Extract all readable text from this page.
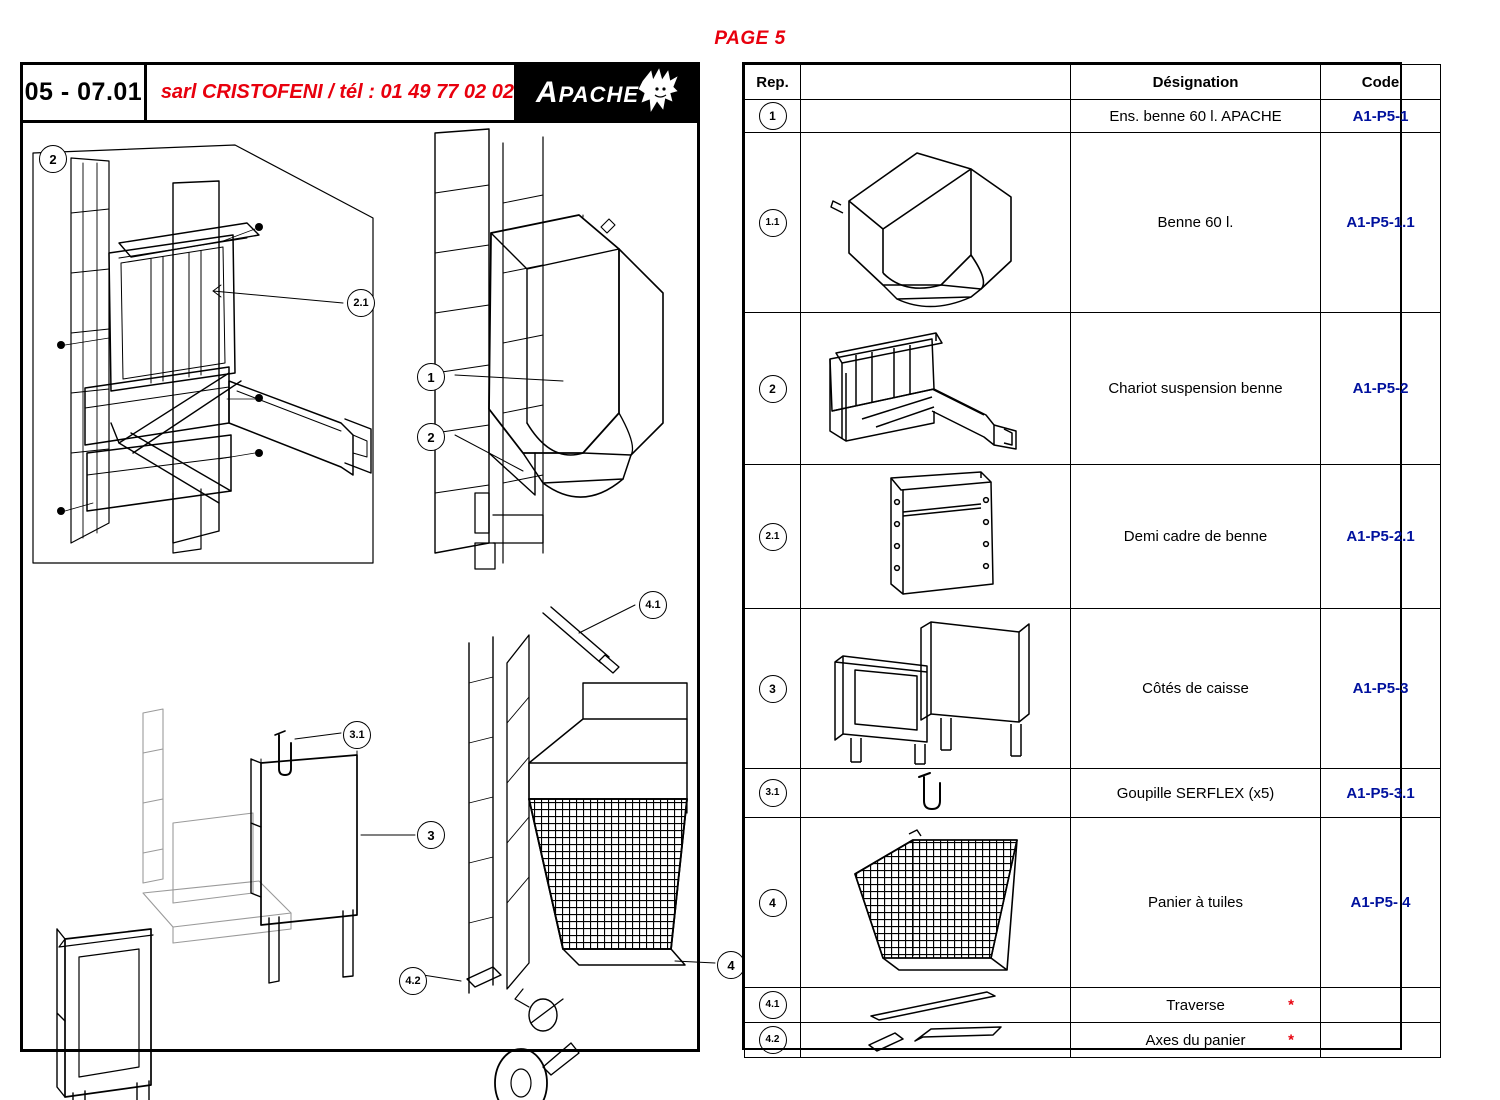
PAGE 5
05 - 07.01 sarl CRISTOFENI / tél : 01 49 77 02 02 APACHE
2
2.1
1
2
4.1
3.1
3
4.2
4
Rep.		Désignation	Code
1		Ens. benne 60 l. APACHE	A1-P5-1
1.1		Benne 60 l.	A1-P5-1.1
2		Chariot suspension benne	A1-P5-2
2.1		Demi cadre de benne	A1-P5-2.1
3		Côtés de caisse	A1-P5-3
3.1		Goupille SERFLEX (x5)	A1-P5-3.1
4		Panier à tuiles	A1-P5- 4
4.1		Traverse *	

4.2		Axes du panier *	
